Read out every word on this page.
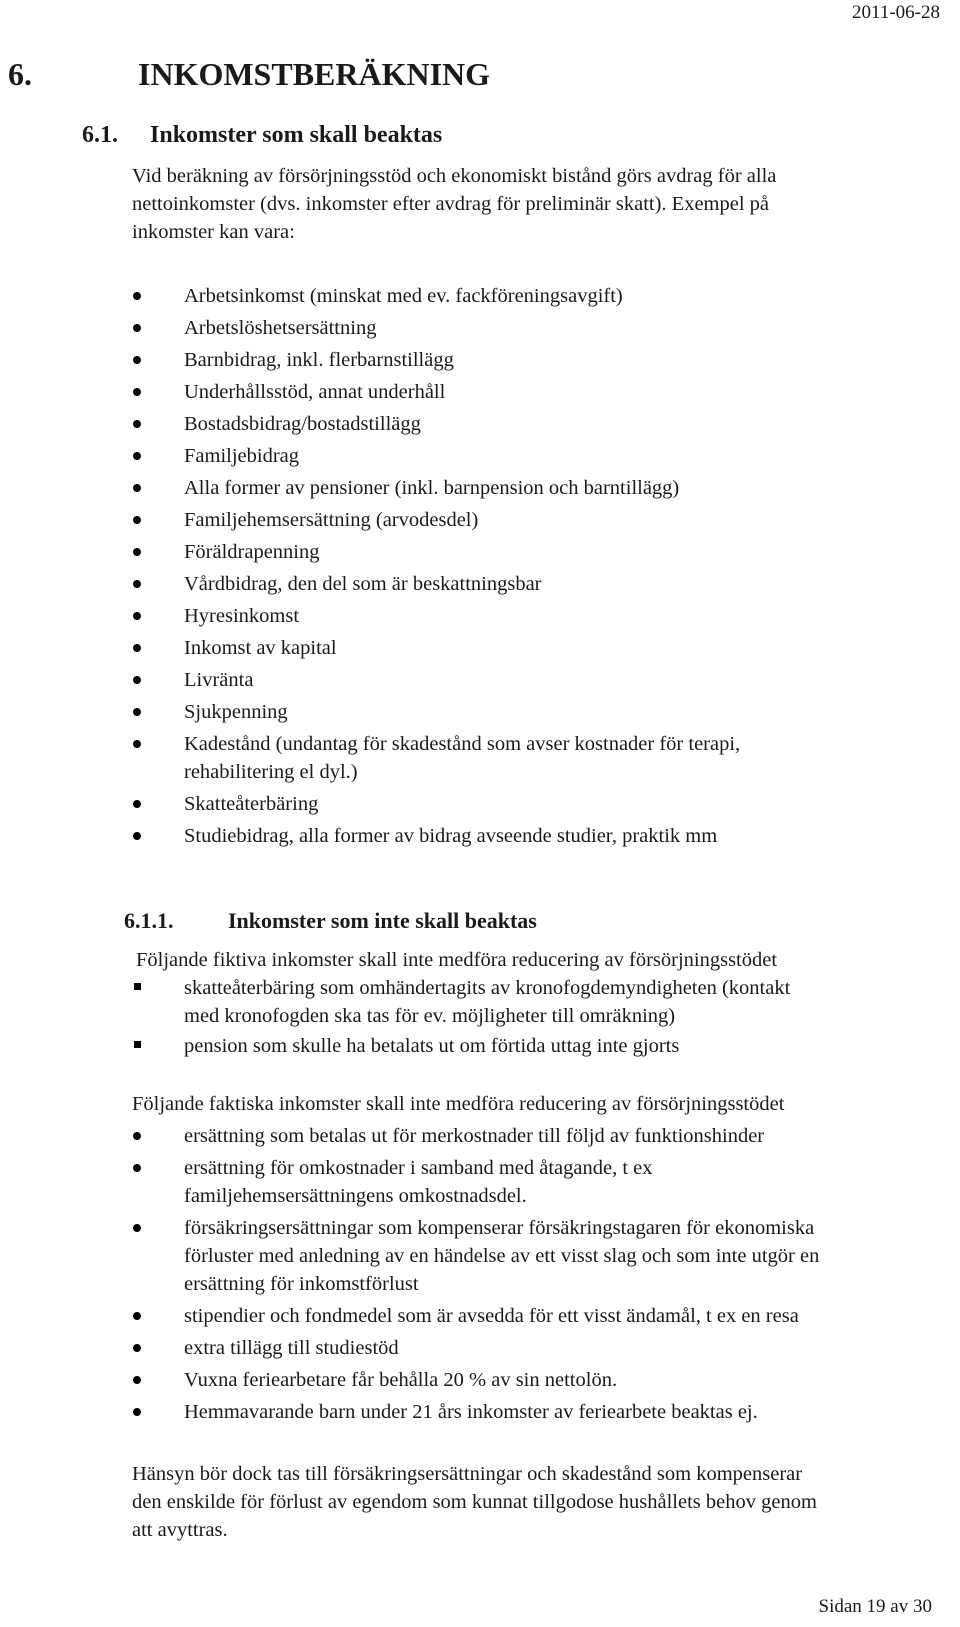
2011-06-28
6.	INKOMSTBERÄKNING
6.1. Inkomster som skall beaktas
Vid beräkning av försörjningsstöd och ekonomiskt bistånd görs avdrag för alla
nettoinkomster (dvs. inkomster efter avdrag för preliminär skatt). Exempel på
inkomster kan vara:
Arbetsinkomst (minskat med ev. fackföreningsavgift)
Arbetslöshetsersättning
Barnbidrag, inkl. flerbarnstillägg
Underhållsstöd, annat underhåll
Bostadsbidrag/bostadstillägg
Familjebidrag
Alla former av pensioner (inkl. barnpension och barntillägg)
Familjehemsersättning (arvodesdel)
Föräldrapenning
Vårdbidrag, den del som är beskattningsbar
Hyresinkomst
Inkomst av kapital
Livränta
Sjukpenning
Kadestånd (undantag för skadestånd som avser kostnader för terapi,
rehabilitering el dyl.)
Skatteåterbäring
Studiebidrag, alla former av bidrag avseende studier, praktik mm
6.1.1. Inkomster som inte skall beaktas
Följande fiktiva inkomster skall inte medföra reducering av försörjningsstödet
skatteåterbäring som omhändertagits av kronofogdemyndigheten (kontakt
med kronofogden ska tas för ev. möjligheter till omräkning)
pension som skulle ha betalats ut om förtida uttag inte gjorts
Följande faktiska inkomster skall inte medföra reducering av försörjningsstödet
ersättning som betalas ut för merkostnader till följd av funktionshinder
ersättning för omkostnader i samband med åtagande, t ex
familjehemsersättningens omkostnadsdel.
försäkringsersättningar som kompenserar försäkringstagaren för ekonomiska
förluster med anledning av en händelse av ett visst slag och som inte utgör en
ersättning för inkomstförlust
stipendier och fondmedel som är avsedda för ett visst ändamål, t ex en resa
extra tillägg till studiestöd
Vuxna feriearbetare får behålla 20 % av sin nettolön.
Hemmavarande barn under 21 års inkomster av feriearbete beaktas ej.
Hänsyn bör dock tas till försäkringsersättningar och skadestånd som kompenserar
den enskilde för förlust av egendom som kunnat tillgodose hushållets behov genom
att avyttras.
Sidan 19 av 30
